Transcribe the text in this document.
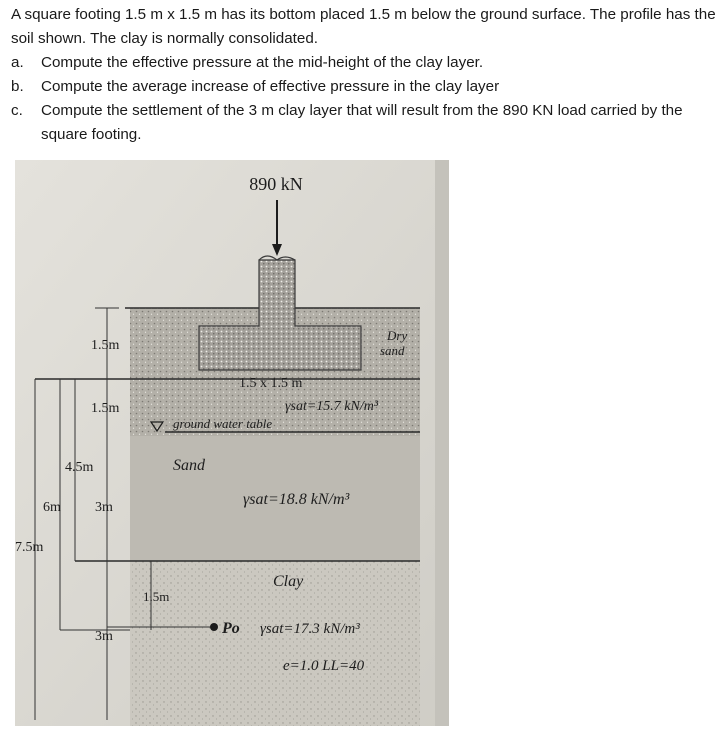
A square footing 1.5 m x 1.5 m has its bottom placed 1.5 m below the ground surface. The profile has the soil shown. The clay is normally consolidated.

a. Compute the effective pressure at the mid-height of the clay layer.
b. Compute the average increase of effective pressure in the clay layer
c. Compute the settlement of the 3 m clay layer that will result from the 890 KN load carried by the square footing.
890 kN
1.5m
1.5m
4.5m
3m
6m
7.5m
1.5m
3m
Dry
sand
1.5 x 1.5 m
γsat=15.7 kN/m³
ground water table
Sand
γsat=18.8 kN/m³
Clay
Po γsat=17.3 kN/m³
e=1.0 LL=40
